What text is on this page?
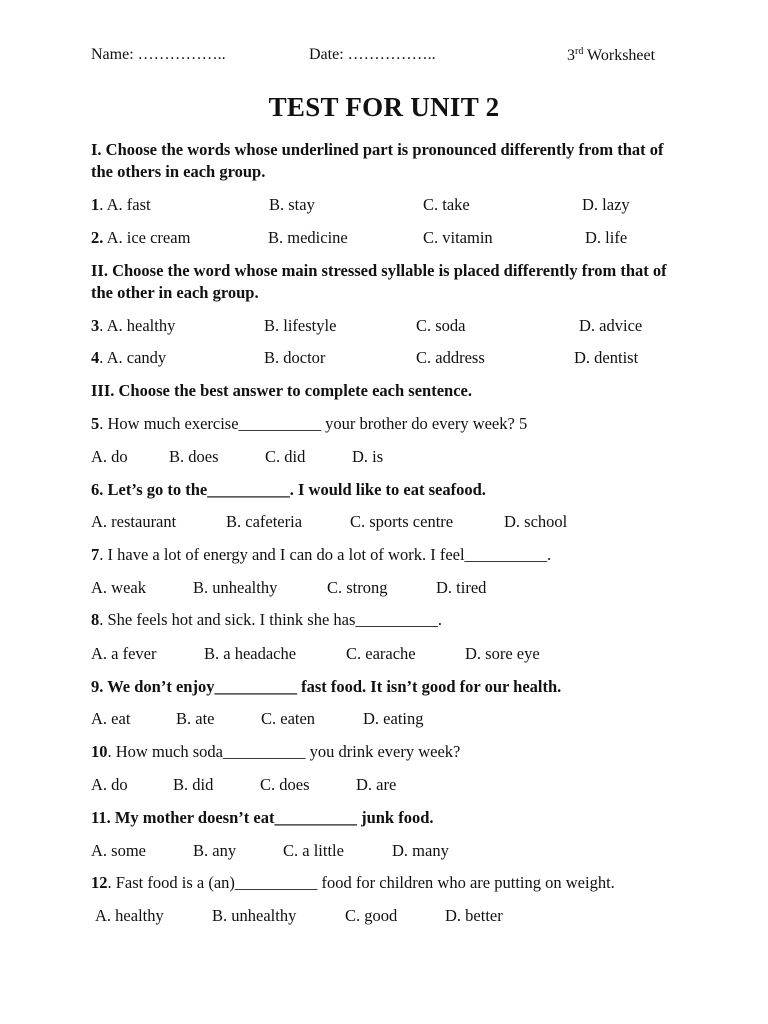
Name: ……………..	Date: ……………..	3rd Worksheet
TEST FOR UNIT 2
I. Choose the words whose underlined part is pronounced differently from that of the others in each group.
1. A. fast	B. stay	C. take	D. lazy
2. A. ice cream	B. medicine	C. vitamin	D. life
II. Choose the word whose main stressed syllable is placed differently from that of the other in each group.
3. A. healthy	B. lifestyle	C. soda	D. advice
4. A. candy	B. doctor	C. address	D. dentist
III. Choose the best answer to complete each sentence.
5. How much exercise__________ your brother do every week? 5
A. do	B. does	C. did	D. is
6. Let’s go to the__________. I would like to eat seafood.
A. restaurant	B. cafeteria	C. sports centre	D. school
7. I have a lot of energy and I can do a lot of work. I feel__________.
A. weak	B. unhealthy	C. strong	D. tired
8. She feels hot and sick. I think she has__________.
A. a fever	B. a headache	C. earache	D. sore eye
9. We don’t enjoy__________ fast food. It isn’t good for our health.
A. eat	B. ate	C. eaten	D. eating
10. How much soda__________ you drink every week?
A. do	B. did	C. does	D. are
11. My mother doesn’t eat__________ junk food.
A. some	B. any	C. a little	D. many
12. Fast food is a (an)__________ food for children who are putting on weight.
A. healthy	B. unhealthy	C. good	D. better
